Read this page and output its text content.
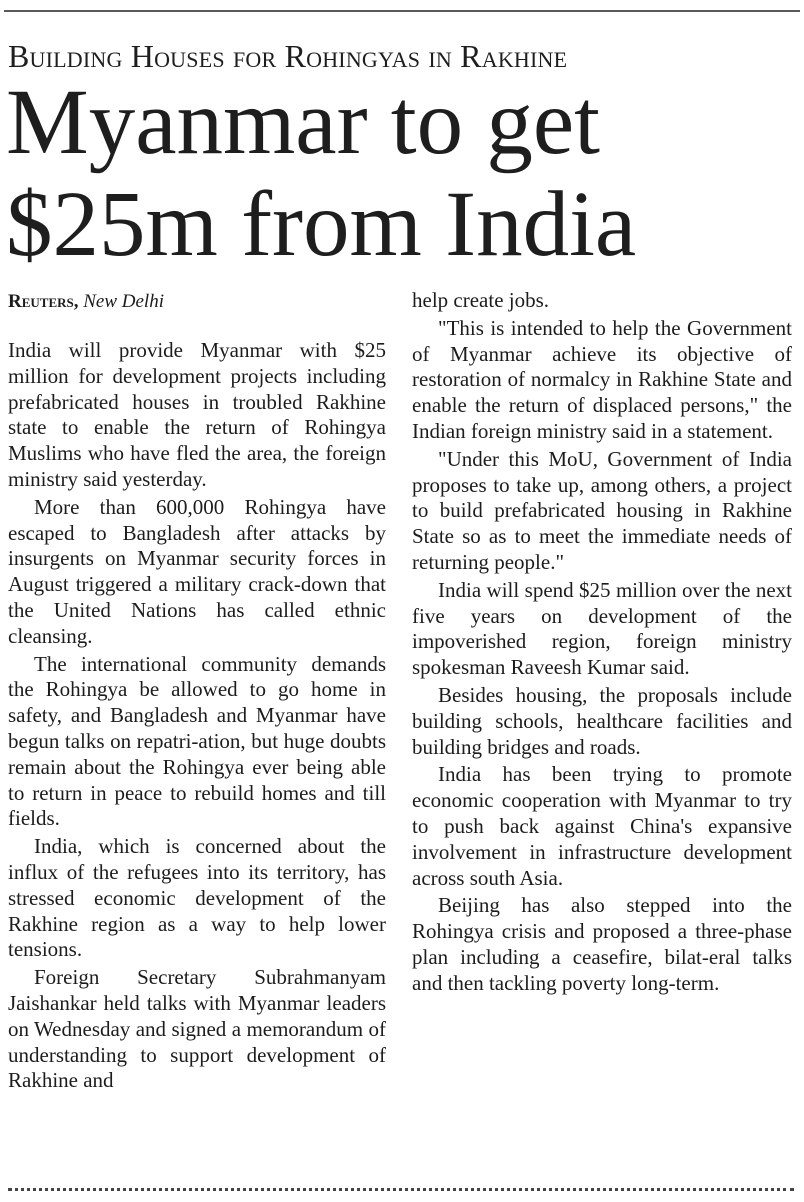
Building Houses for Rohingyas in Rakhine
Myanmar to get
$25m from India
Reuters, New Delhi

India will provide Myanmar with $25 million for development projects including prefabricated houses in troubled Rakhine state to enable the return of Rohingya Muslims who have fled the area, the foreign ministry said yesterday.

More than 600,000 Rohingya have escaped to Bangladesh after attacks by insurgents on Myanmar security forces in August triggered a military crack-down that the United Nations has called ethnic cleansing.

The international community demands the Rohingya be allowed to go home in safety, and Bangladesh and Myanmar have begun talks on repatri-ation, but huge doubts remain about the Rohingya ever being able to return in peace to rebuild homes and till fields.

India, which is concerned about the influx of the refugees into its territory, has stressed economic development of the Rakhine region as a way to help lower tensions.

Foreign Secretary Subrahmanyam Jaishankar held talks with Myanmar leaders on Wednesday and signed a memorandum of understanding to support development of Rakhine and

help create jobs.

"This is intended to help the Government of Myanmar achieve its objective of restoration of normalcy in Rakhine State and enable the return of displaced persons," the Indian foreign ministry said in a statement.

"Under this MoU, Government of India proposes to take up, among others, a project to build prefabricated housing in Rakhine State so as to meet the immediate needs of returning people."

India will spend $25 million over the next five years on development of the impoverished region, foreign ministry spokesman Raveesh Kumar said.

Besides housing, the proposals include building schools, healthcare facilities and building bridges and roads.

India has been trying to promote economic cooperation with Myanmar to try to push back against China's expansive involvement in infrastructure development across south Asia.

Beijing has also stepped into the Rohingya crisis and proposed a three-phase plan including a ceasefire, bilat-eral talks and then tackling poverty long-term.
